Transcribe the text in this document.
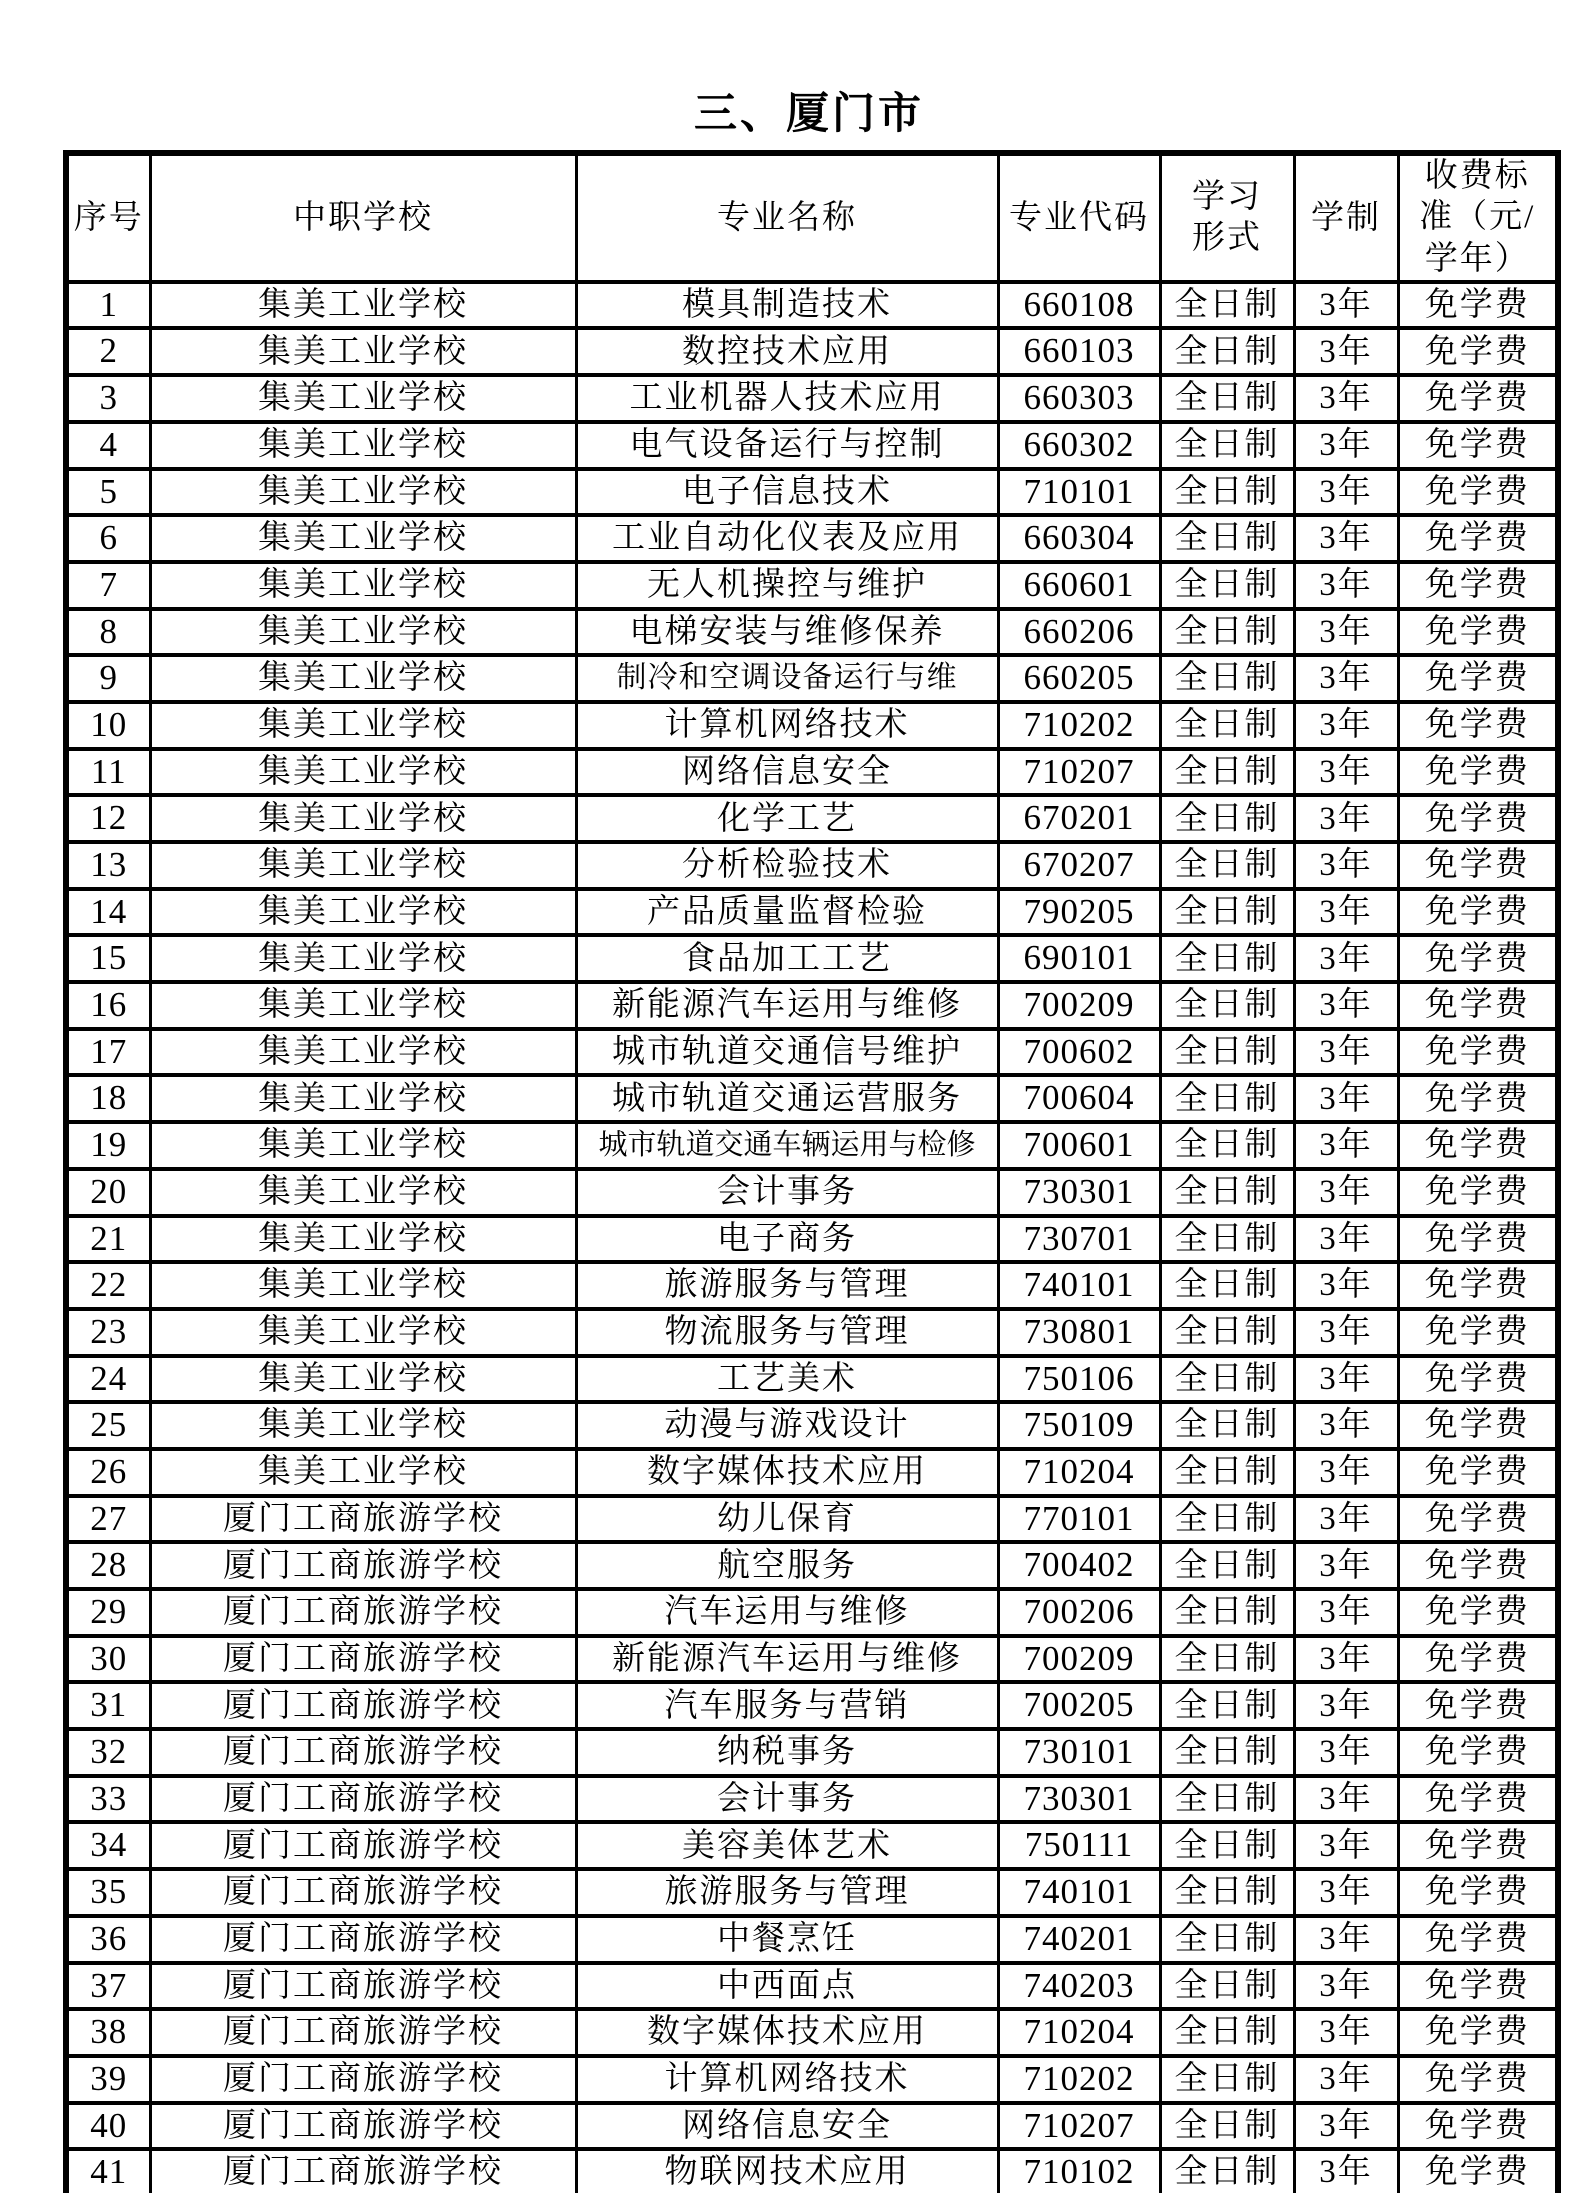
三、厦门市
序号	中职学校	专业名称	专业代码	学习形式	学制	收费标准（元/学年）
1	集美工业学校	模具制造技术	660108	全日制	3年	免学费
2	集美工业学校	数控技术应用	660103	全日制	3年	免学费
3	集美工业学校	工业机器人技术应用	660303	全日制	3年	免学费
4	集美工业学校	电气设备运行与控制	660302	全日制	3年	免学费
5	集美工业学校	电子信息技术	710101	全日制	3年	免学费
6	集美工业学校	工业自动化仪表及应用	660304	全日制	3年	免学费
7	集美工业学校	无人机操控与维护	660601	全日制	3年	免学费
8	集美工业学校	电梯安装与维修保养	660206	全日制	3年	免学费
9	集美工业学校	制冷和空调设备运行与维	660205	全日制	3年	免学费
10	集美工业学校	计算机网络技术	710202	全日制	3年	免学费
11	集美工业学校	网络信息安全	710207	全日制	3年	免学费
12	集美工业学校	化学工艺	670201	全日制	3年	免学费
13	集美工业学校	分析检验技术	670207	全日制	3年	免学费
14	集美工业学校	产品质量监督检验	790205	全日制	3年	免学费
15	集美工业学校	食品加工工艺	690101	全日制	3年	免学费
16	集美工业学校	新能源汽车运用与维修	700209	全日制	3年	免学费
17	集美工业学校	城市轨道交通信号维护	700602	全日制	3年	免学费
18	集美工业学校	城市轨道交通运营服务	700604	全日制	3年	免学费
19	集美工业学校	城市轨道交通车辆运用与检修	700601	全日制	3年	免学费
20	集美工业学校	会计事务	730301	全日制	3年	免学费
21	集美工业学校	电子商务	730701	全日制	3年	免学费
22	集美工业学校	旅游服务与管理	740101	全日制	3年	免学费
23	集美工业学校	物流服务与管理	730801	全日制	3年	免学费
24	集美工业学校	工艺美术	750106	全日制	3年	免学费
25	集美工业学校	动漫与游戏设计	750109	全日制	3年	免学费
26	集美工业学校	数字媒体技术应用	710204	全日制	3年	免学费
27	厦门工商旅游学校	幼儿保育	770101	全日制	3年	免学费
28	厦门工商旅游学校	航空服务	700402	全日制	3年	免学费
29	厦门工商旅游学校	汽车运用与维修	700206	全日制	3年	免学费
30	厦门工商旅游学校	新能源汽车运用与维修	700209	全日制	3年	免学费
31	厦门工商旅游学校	汽车服务与营销	700205	全日制	3年	免学费
32	厦门工商旅游学校	纳税事务	730101	全日制	3年	免学费
33	厦门工商旅游学校	会计事务	730301	全日制	3年	免学费
34	厦门工商旅游学校	美容美体艺术	750111	全日制	3年	免学费
35	厦门工商旅游学校	旅游服务与管理	740101	全日制	3年	免学费
36	厦门工商旅游学校	中餐烹饪	740201	全日制	3年	免学费
37	厦门工商旅游学校	中西面点	740203	全日制	3年	免学费
38	厦门工商旅游学校	数字媒体技术应用	710204	全日制	3年	免学费
39	厦门工商旅游学校	计算机网络技术	710202	全日制	3年	免学费
40	厦门工商旅游学校	网络信息安全	710207	全日制	3年	免学费
41	厦门工商旅游学校	物联网技术应用	710102	全日制	3年	免学费
